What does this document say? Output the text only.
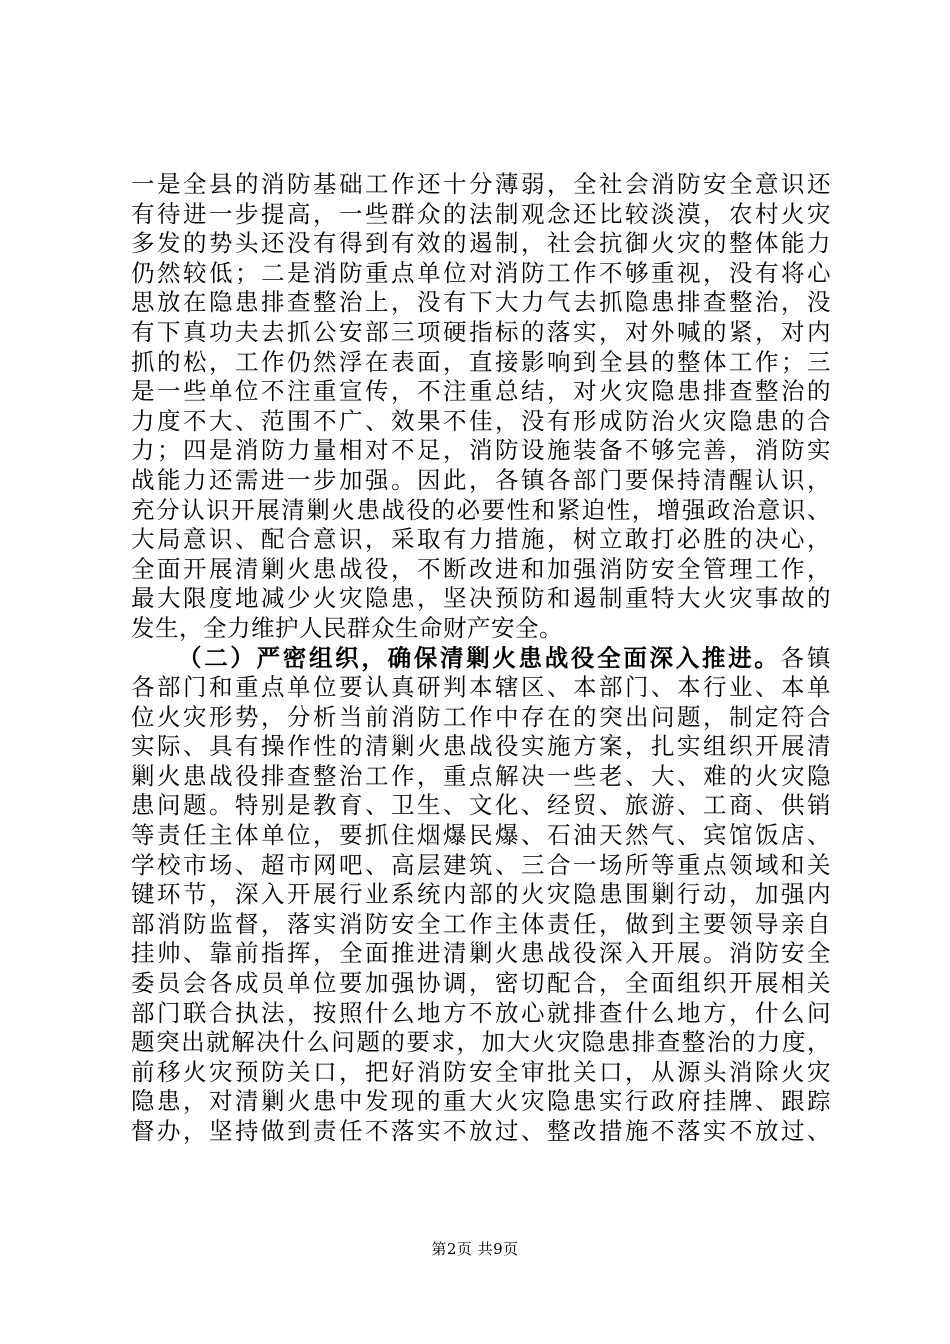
一是全县的消防基础工作还十分薄弱，全社会消防安全意识还
有待进一步提高，一些群众的法制观念还比较淡漠，农村火灾
多发的势头还没有得到有效的遏制，社会抗御火灾的整体能力
仍然较低；二是消防重点单位对消防工作不够重视，没有将心
思放在隐患排查整治上，没有下大力气去抓隐患排查整治，没
有下真功夫去抓公安部三项硬指标的落实，对外喊的紧，对内
抓的松，工作仍然浮在表面，直接影响到全县的整体工作；三
是一些单位不注重宣传，不注重总结，对火灾隐患排查整治的
力度不大、范围不广、效果不佳，没有形成防治火灾隐患的合
力；四是消防力量相对不足，消防设施装备不够完善，消防实
战能力还需进一步加强。因此，各镇各部门要保持清醒认识，
充分认识开展清剿火患战役的必要性和紧迫性，增强政治意识、
大局意识、配合意识，采取有力措施，树立敢打必胜的决心，
全面开展清剿火患战役，不断改进和加强消防安全管理工作，
最大限度地减少火灾隐患，坚决预防和遏制重特大火灾事故的
发生，全力维护人民群众生命财产安全。
（二）严密组织，确保清剿火患战役全面深入推进。各镇
各部门和重点单位要认真研判本辖区、本部门、本行业、本单
位火灾形势，分析当前消防工作中存在的突出问题，制定符合
实际、具有操作性的清剿火患战役实施方案，扎实组织开展清
剿火患战役排查整治工作，重点解决一些老、大、难的火灾隐
患问题。特别是教育、卫生、文化、经贸、旅游、工商、供销
等责任主体单位，要抓住烟爆民爆、石油天然气、宾馆饭店、
学校市场、超市网吧、高层建筑、三合一场所等重点领域和关
键环节，深入开展行业系统内部的火灾隐患围剿行动，加强内
部消防监督，落实消防安全工作主体责任，做到主要领导亲自
挂帅、靠前指挥，全面推进清剿火患战役深入开展。消防安全
委员会各成员单位要加强协调，密切配合，全面组织开展相关
部门联合执法，按照什么地方不放心就排查什么地方，什么问
题突出就解决什么问题的要求，加大火灾隐患排查整治的力度，
前移火灾预防关口，把好消防安全审批关口，从源头消除火灾
隐患，对清剿火患中发现的重大火灾隐患实行政府挂牌、跟踪
督办，坚持做到责任不落实不放过、整改措施不落实不放过、
第2页 共9页
